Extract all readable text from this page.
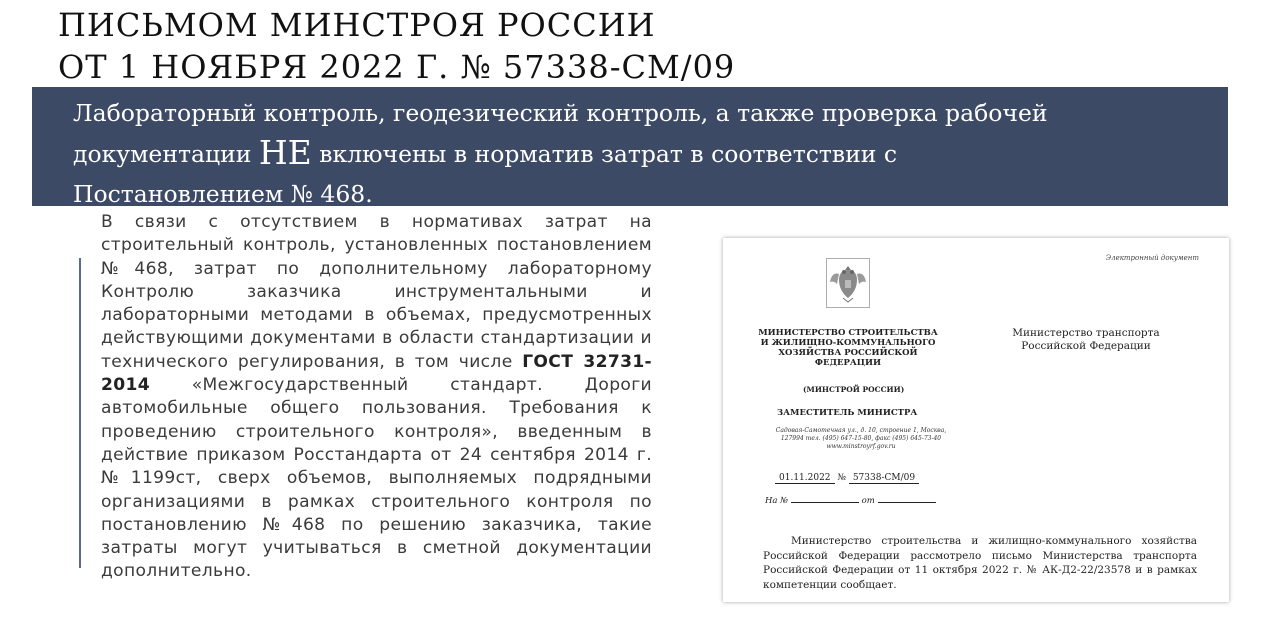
ПИСЬМОМ МИНСТРОЯ РОССИИ
ОТ 1 НОЯБРЯ 2022 Г. № 57338-СМ/09
Лабораторный контроль, геодезический контроль, а также проверка рабочей
документации НЕ включены в норматив затрат в соответствии с
Постановлением № 468.
В связи с отсутствием в нормативах затрат на строительный контроль, установленных постановлением №468, затрат по дополнительному лабораторному Контролю заказчика инструментальными и лабораторными методами в объемах, предусмотренных действующими документами в области стандартизации и технического регулирования, в том числе ГОСТ 32731-2014 «Межгосударственный стандарт. Дороги автомобильные общего пользования. Требования к проведению строительного контроля», введенным в действие приказом Росстандарта от 24 сентября 2014 г. №1199ст, сверх объемов, выполняемых подрядными организациями в рамках строительного контроля по постановлению №468 по решению заказчика, такие затраты могут учитываться в сметной документации дополнительно.
Электронный документ
МИНИСТЕРСТВО СТРОИТЕЛЬСТВА И ЖИЛИЩНО-КОММУНАЛЬНОГО ХОЗЯЙСТВА РОССИЙСКОЙ ФЕДЕРАЦИИ
(МИНСТРОЙ РОССИИ)
ЗАМЕСТИТЕЛЬ МИНИСТРА
Садовая-Самотечная ул., д. 10, строение 1, Москва, 127994 тел. (495) 647-15-80, факс (495) 645-73-40 www.minstroyrf.gov.ru
01.11.2022 № 57338-СМ/09
На №	от
Министерство транспорта Российской Федерации
Министерство строительства и жилищно-коммунального хозяйства Российской Федерации рассмотрело письмо Министерства транспорта Российской Федерации от 11 октября 2022 г. № АК-Д2-22/23578 и в рамках компетенции сообщает.
